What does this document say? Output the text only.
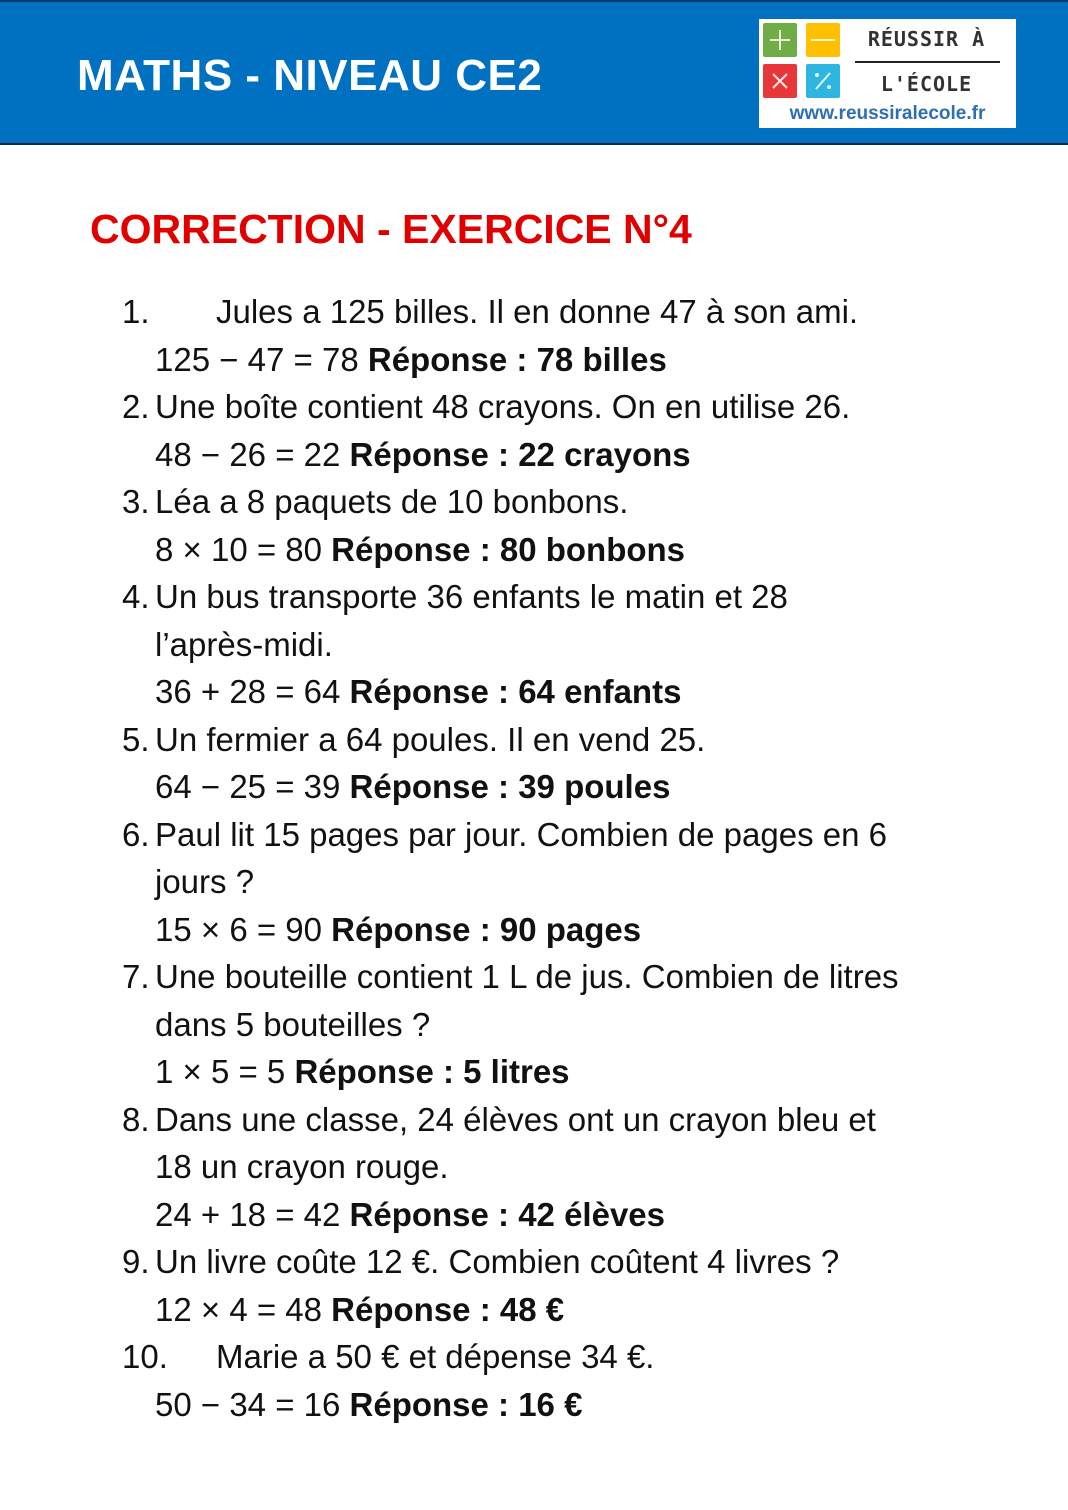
MATHS - NIVEAU CE2
RÉUSSIR À
L'ÉCOLE
www.reussiralecole.fr
CORRECTION - EXERCICE N°4
1. Jules a 125 billes. Il en donne 47 à son ami.
125 − 47 = 78 Réponse : 78 billes
2. Une boîte contient 48 crayons. On en utilise 26.
48 − 26 = 22 Réponse : 22 crayons
3. Léa a 8 paquets de 10 bonbons.
8 × 10 = 80 Réponse : 80 bonbons
4. Un bus transporte 36 enfants le matin et 28
l’après-midi.
36 + 28 = 64 Réponse : 64 enfants
5. Un fermier a 64 poules. Il en vend 25.
64 − 25 = 39 Réponse : 39 poules
6. Paul lit 15 pages par jour. Combien de pages en 6
jours ?
15 × 6 = 90 Réponse : 90 pages
7. Une bouteille contient 1 L de jus. Combien de litres
dans 5 bouteilles ?
1 × 5 = 5 Réponse : 5 litres
8. Dans une classe, 24 élèves ont un crayon bleu et
18 un crayon rouge.
24 + 18 = 42 Réponse : 42 élèves
9. Un livre coûte 12 €. Combien coûtent 4 livres ?
12 × 4 = 48 Réponse : 48 €
10. Marie a 50 € et dépense 34 €.
50 − 34 = 16 Réponse : 16 €
